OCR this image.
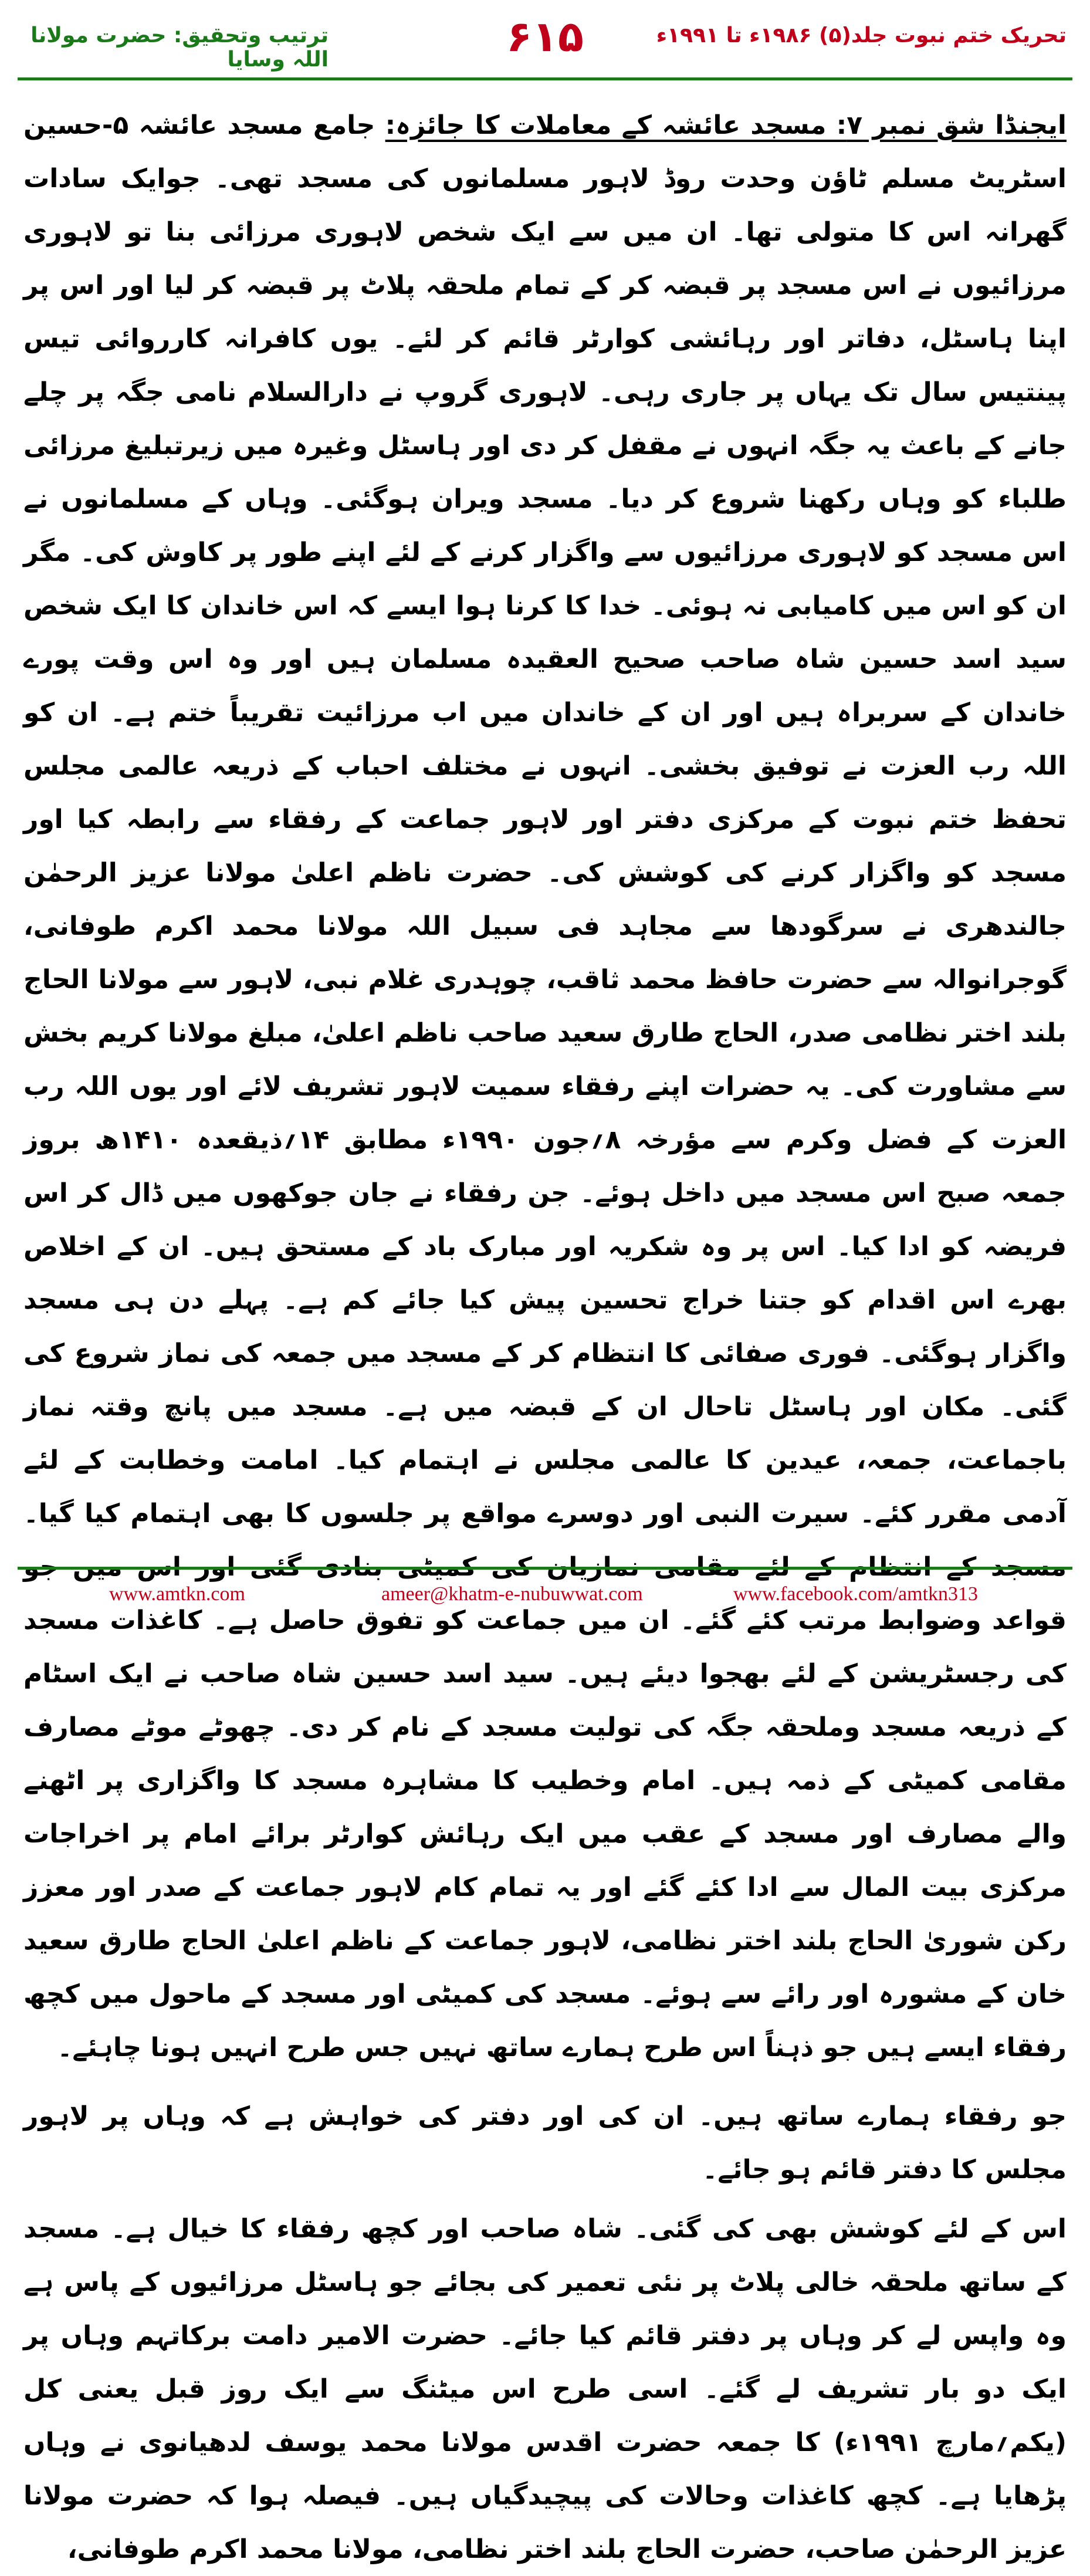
ترتیب وتحقیق: حضرت مولانا اللہ وسایا	۶۱۵	تحریک ختم نبوت جلد(۵) ۱۹۸۶ء تا ۱۹۹۱ء

ایجنڈا شق نمبر ۷: مسجد عائشہ کے معاملات کا جائزہ: جامع مسجد عائشہ ۵-حسین اسٹریٹ مسلم ٹاؤن وحدت روڈ لاہور مسلمانوں کی مسجد تھی۔ جوایک سادات گھرانہ اس کا متولی تھا۔ ان میں سے ایک شخص لاہوری مرزائی بنا تو لاہوری مرزائیوں نے اس مسجد پر قبضہ کر کے تمام ملحقہ پلاٹ پر قبضہ کر لیا اور اس پر اپنا ہاسٹل، دفاتر اور رہائشی کوارٹر قائم کر لئے۔ یوں کافرانہ کارروائی تیس پینتیس سال تک یہاں پر جاری رہی۔ لاہوری گروپ نے دارالسلام نامی جگہ پر چلے جانے کے باعث یہ جگہ انہوں نے مقفل کر دی اور ہاسٹل وغیرہ میں زیرتبلیغ مرزائی طلباء کو وہاں رکھنا شروع کر دیا۔ مسجد ویران ہوگئی۔ وہاں کے مسلمانوں نے اس مسجد کو لاہوری مرزائیوں سے واگزار کرنے کے لئے اپنے طور پر کاوش کی۔ مگر ان کو اس میں کامیابی نہ ہوئی۔ خدا کا کرنا ہوا ایسے کہ اس خاندان کا ایک شخص سید اسد حسین شاہ صاحب صحیح العقیدہ مسلمان ہیں اور وہ اس وقت پورے خاندان کے سربراہ ہیں اور ان کے خاندان میں اب مرزائیت تقریباً ختم ہے۔ ان کو اللہ رب العزت نے توفیق بخشی۔ انہوں نے مختلف احباب کے ذریعہ عالمی مجلس تحفظ ختم نبوت کے مرکزی دفتر اور لاہور جماعت کے رفقاء سے رابطہ کیا اور مسجد کو واگزار کرنے کی کوشش کی۔ حضرت ناظم اعلیٰ مولانا عزیز الرحمٰن جالندھری نے سرگودھا سے مجاہد فی سبیل اللہ مولانا محمد اکرم طوفانی، گوجرانوالہ سے حضرت حافظ محمد ثاقب، چوہدری غلام نبی، لاہور سے مولانا الحاج بلند اختر نظامی صدر، الحاج طارق سعید صاحب ناظم اعلیٰ، مبلغ مولانا کریم بخش سے مشاورت کی۔ یہ حضرات اپنے رفقاء سمیت لاہور تشریف لائے اور یوں اللہ رب العزت کے فضل وکرم سے مؤرخہ ۸؍جون ۱۹۹۰ء مطابق ۱۴؍ذیقعدہ ۱۴۱۰ھ بروز جمعہ صبح اس مسجد میں داخل ہوئے۔ جن رفقاء نے جان جوکھوں میں ڈال کر اس فریضہ کو ادا کیا۔ اس پر وہ شکریہ اور مبارک باد کے مستحق ہیں۔ ان کے اخلاص بھرے اس اقدام کو جتنا خراج تحسین پیش کیا جائے کم ہے۔ پہلے دن ہی مسجد واگزار ہوگئی۔ فوری صفائی کا انتظام کر کے مسجد میں جمعہ کی نماز شروع کی گئی۔ مکان اور ہاسٹل تاحال ان کے قبضہ میں ہے۔ مسجد میں پانچ وقتہ نماز باجماعت، جمعہ، عیدین کا عالمی مجلس نے اہتمام کیا۔ امامت وخطابت کے لئے آدمی مقرر کئے۔ سیرت النبی اور دوسرے مواقع پر جلسوں کا بھی اہتمام کیا گیا۔ مسجد کے انتظام کے لئے مقامی نمازیان کی کمیٹی بنادی گئی اور اس میں جو قواعد وضوابط مرتب کئے گئے۔ ان میں جماعت کو تفوق حاصل ہے۔ کاغذات مسجد کی رجسٹریشن کے لئے بھجوا دیئے ہیں۔ سید اسد حسین شاہ صاحب نے ایک اسٹام کے ذریعہ مسجد وملحقہ جگہ کی تولیت مسجد کے نام کر دی۔ چھوٹے موٹے مصارف مقامی کمیٹی کے ذمہ ہیں۔ امام وخطیب کا مشاہرہ مسجد کا واگزاری پر اٹھنے والے مصارف اور مسجد کے عقب میں ایک رہائش کوارٹر برائے امام پر اخراجات مرکزی بیت المال سے ادا کئے گئے اور یہ تمام کام لاہور جماعت کے صدر اور معزز رکن شوریٰ الحاج بلند اختر نظامی، لاہور جماعت کے ناظم اعلیٰ الحاج طارق سعید خان کے مشورہ اور رائے سے ہوئے۔ مسجد کی کمیٹی اور مسجد کے ماحول میں کچھ رفقاء ایسے ہیں جو ذہناً اس طرح ہمارے ساتھ نہیں جس طرح انہیں ہونا چاہئے۔

جو رفقاء ہمارے ساتھ ہیں۔ ان کی اور دفتر کی خواہش ہے کہ وہاں پر لاہور مجلس کا دفتر قائم ہو جائے۔

اس کے لئے کوشش بھی کی گئی۔ شاہ صاحب اور کچھ رفقاء کا خیال ہے۔ مسجد کے ساتھ ملحقہ خالی پلاٹ پر نئی تعمیر کی بجائے جو ہاسٹل مرزائیوں کے پاس ہے وہ واپس لے کر وہاں پر دفتر قائم کیا جائے۔ حضرت الامیر دامت برکاتہم وہاں پر ایک دو بار تشریف لے گئے۔ اسی طرح اس میٹنگ سے ایک روز قبل یعنی کل (یکم؍مارچ ۱۹۹۱ء) کا جمعہ حضرت اقدس مولانا محمد یوسف لدھیانوی نے وہاں پڑھایا ہے۔ کچھ کاغذات وحالات کی پیچیدگیاں ہیں۔ فیصلہ ہوا کہ حضرت مولانا عزیز الرحمٰن صاحب، حضرت الحاج بلند اختر نظامی، مولانا محمد اکرم طوفانی،

www.amtkn.com	ameer@khatm-e-nubuwwat.com	www.facebook.com/amtkn313
